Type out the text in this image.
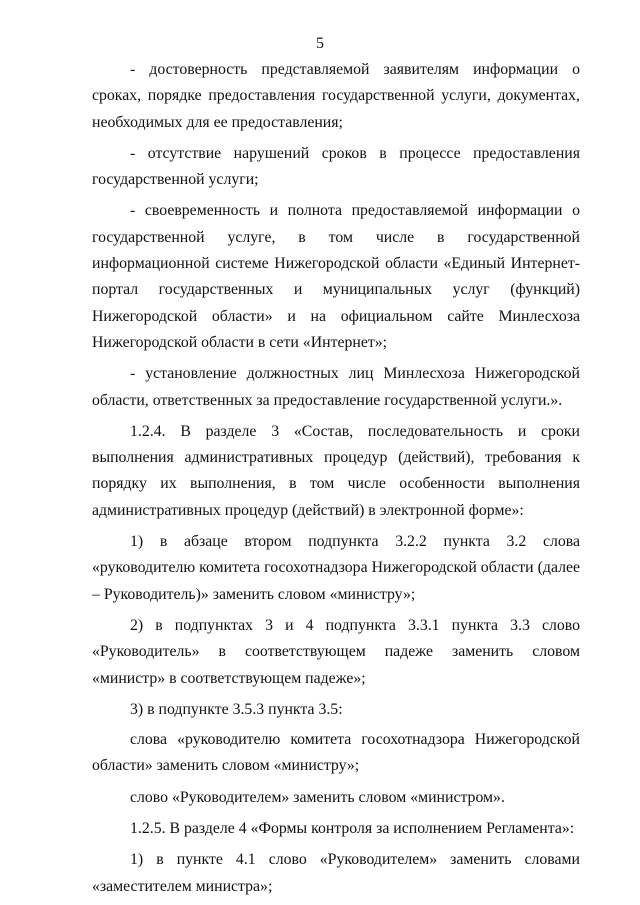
5

- достоверность представляемой заявителям информации о сроках, порядке предоставления государственной услуги, документах, необходимых для ее предоставления;

- отсутствие нарушений сроков в процессе предоставления государственной услуги;

- своевременность и полнота предоставляемой информации о государственной услуге, в том числе в государственной информационной системе Нижегородской области «Единый Интернет-портал государственных и муниципальных услуг (функций) Нижегородской области» и на официальном сайте Минлесхоза Нижегородской области в сети «Интернет»;

- установление должностных лиц Минлесхоза Нижегородской области, ответственных за предоставление государственной услуги.».

1.2.4. В разделе 3 «Состав, последовательность и сроки выполнения административных процедур (действий), требования к порядку их выполнения, в том числе особенности выполнения административных процедур (действий) в электронной форме»:

1) в абзаце втором подпункта 3.2.2 пункта 3.2 слова «руководителю комитета госохотнадзора Нижегородской области (далее – Руководитель)» заменить словом «министру»;

2) в подпунктах 3 и 4 подпункта 3.3.1 пункта 3.3 слово «Руководитель» в соответствующем падеже заменить словом «министр» в соответствующем падеже»;

3) в подпункте 3.5.3 пункта 3.5:

слова «руководителю комитета госохотнадзора Нижегородской области» заменить словом «министру»;

слово «Руководителем» заменить словом «министром».

1.2.5. В разделе 4 «Формы контроля за исполнением Регламента»:

1) в пункте 4.1 слово «Руководителем» заменить словами «заместителем министра»;
